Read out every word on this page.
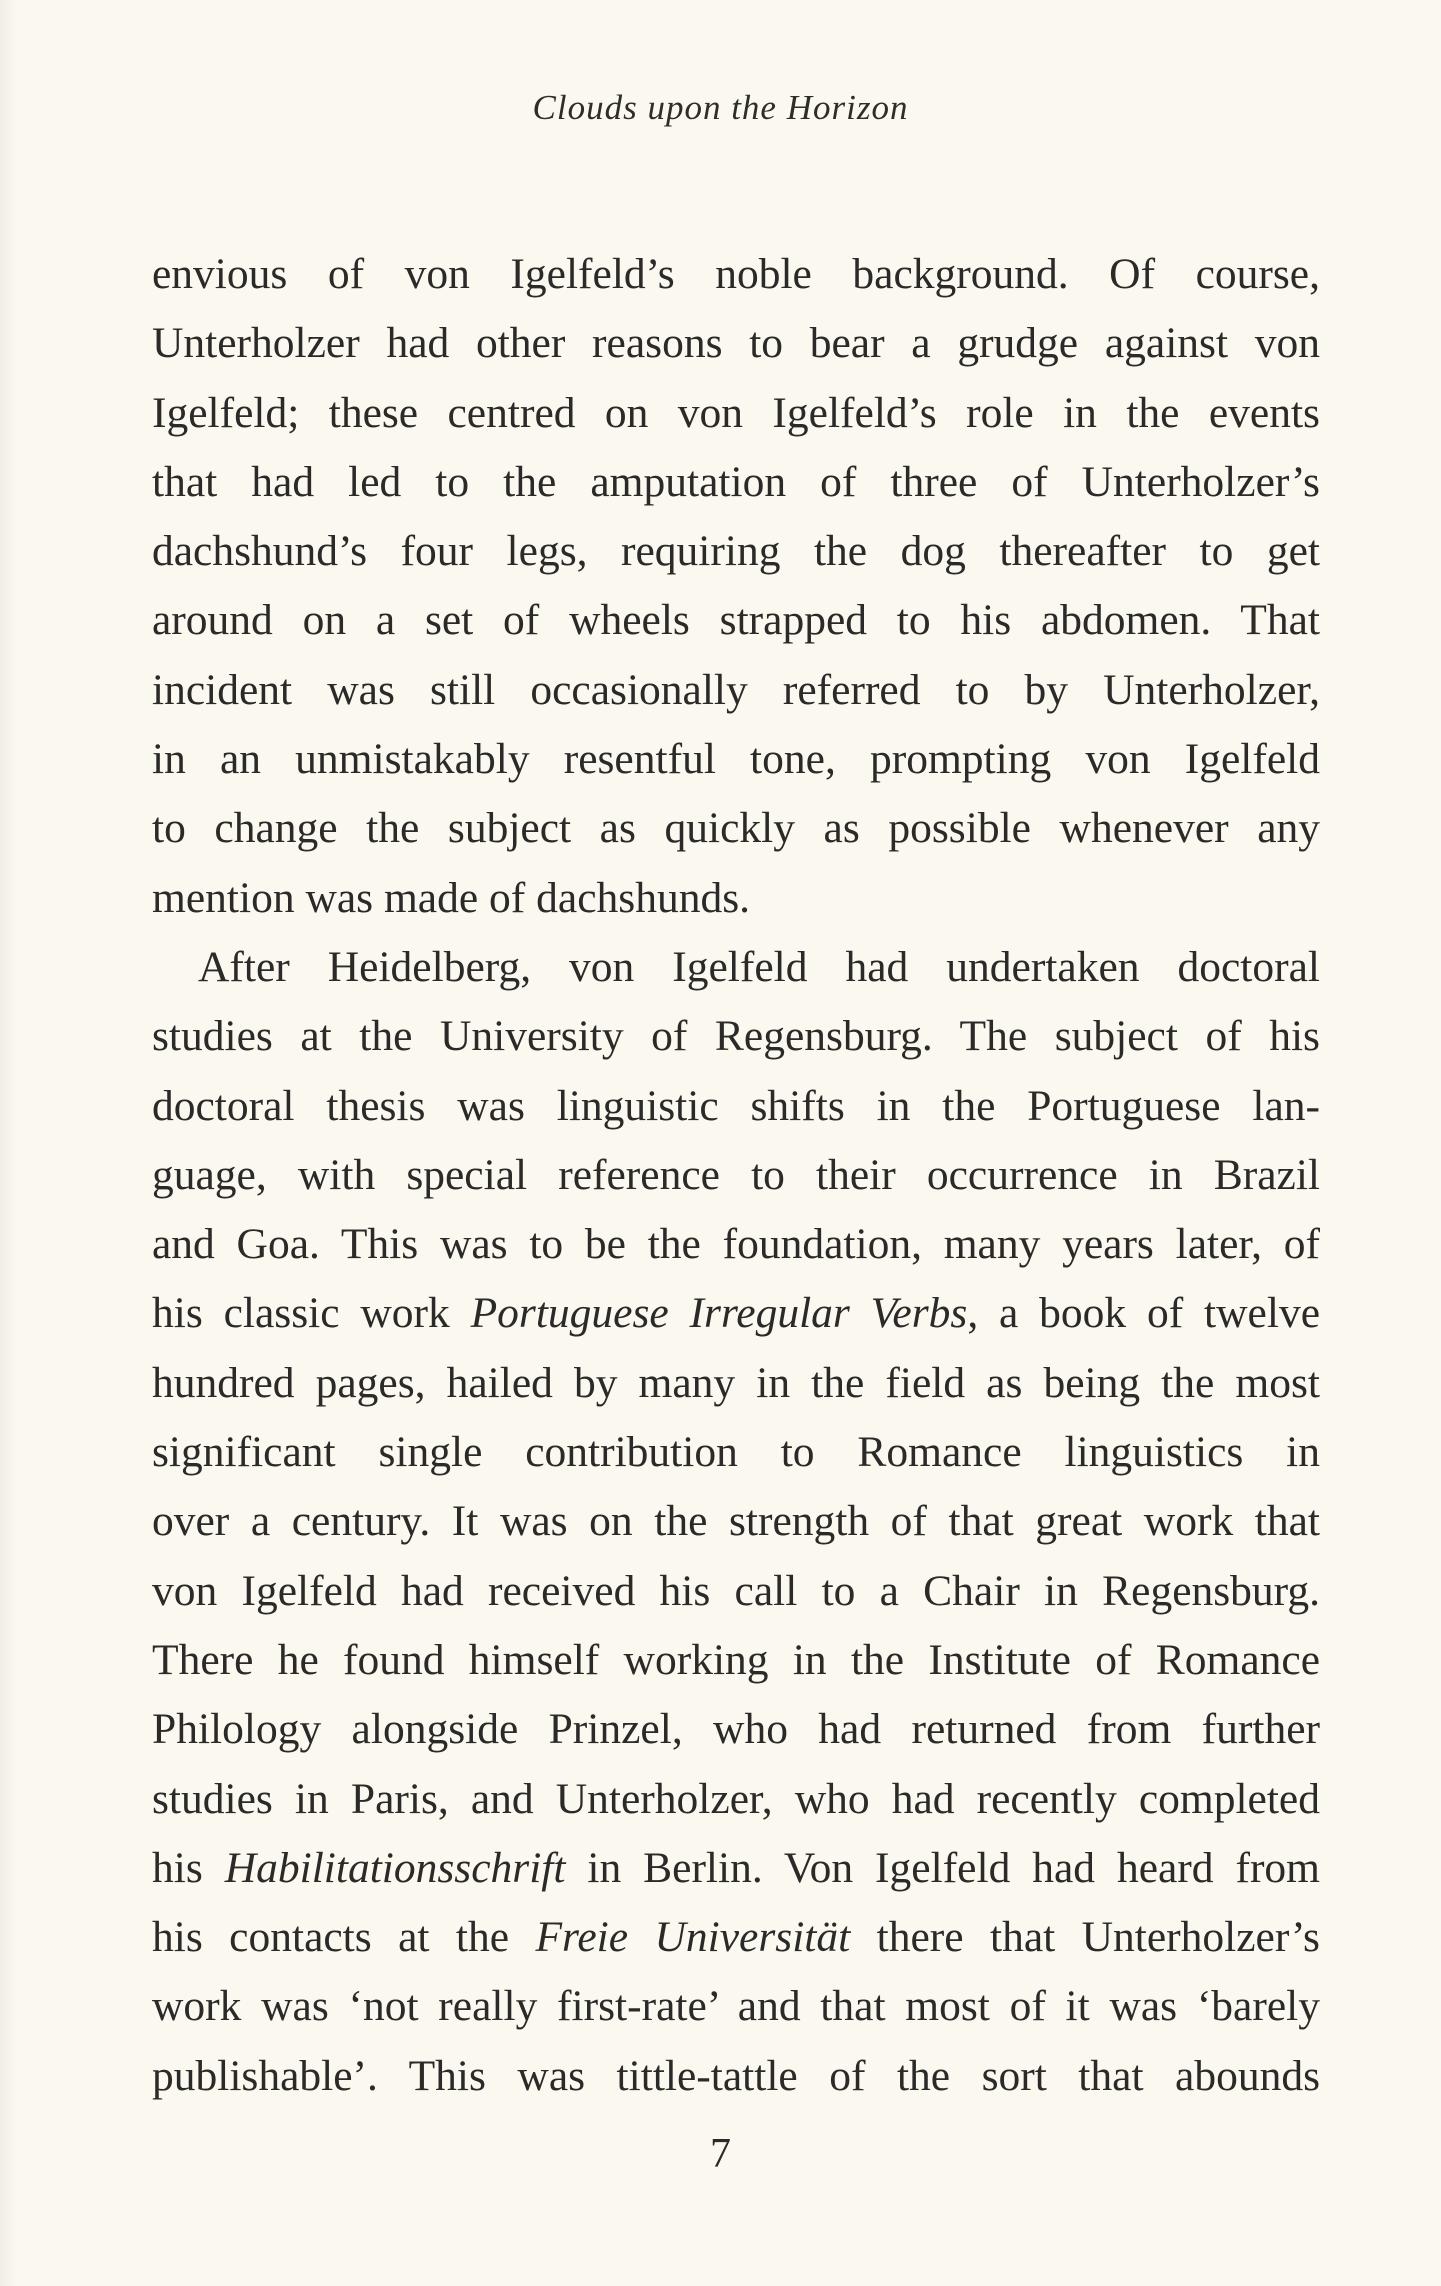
Clouds upon the Horizon
envious of von Igelfeld’s noble background. Of course,
Unterholzer had other reasons to bear a grudge against von
Igelfeld; these centred on von Igelfeld’s role in the events
that had led to the amputation of three of Unterholzer’s
dachshund’s four legs, requiring the dog thereafter to get
around on a set of wheels strapped to his abdomen. That
incident was still occasionally referred to by Unterholzer,
in an unmistakably resentful tone, prompting von Igelfeld
to change the subject as quickly as possible whenever any
mention was made of dachshunds.
After Heidelberg, von Igelfeld had undertaken doctoral
studies at the University of Regensburg. The subject of his
doctoral thesis was linguistic shifts in the Portuguese lan-
guage, with special reference to their occurrence in Brazil
and Goa. This was to be the foundation, many years later, of
his classic work Portuguese Irregular Verbs, a book of twelve
hundred pages, hailed by many in the field as being the most
significant single contribution to Romance linguistics in
over a century. It was on the strength of that great work that
von Igelfeld had received his call to a Chair in Regensburg.
There he found himself working in the Institute of Romance
Philology alongside Prinzel, who had returned from further
studies in Paris, and Unterholzer, who had recently completed
his Habilitationsschrift in Berlin. Von Igelfeld had heard from
his contacts at the Freie Universität there that Unterholzer’s
work was ‘not really first-rate’ and that most of it was ‘barely
publishable’. This was tittle-tattle of the sort that abounds
7
